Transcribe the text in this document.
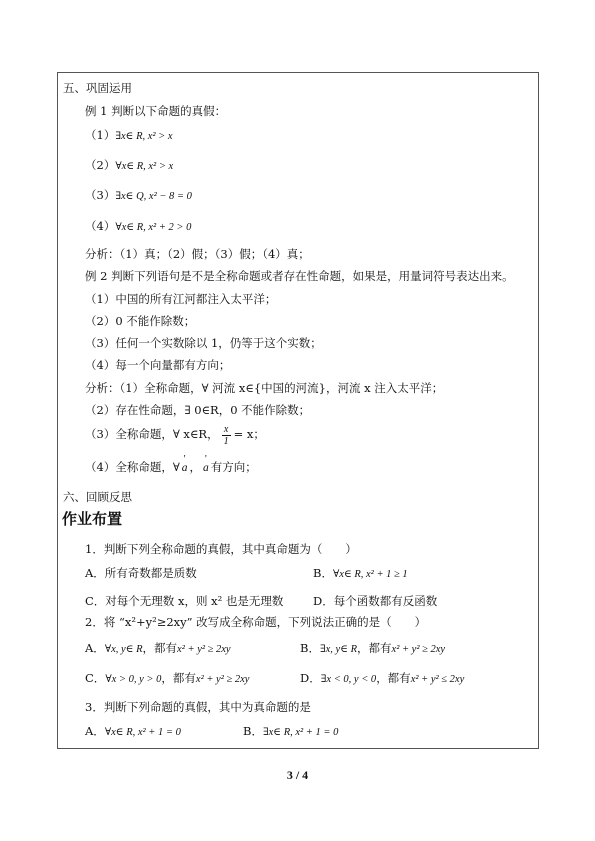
五、巩固运用
例 1 判断以下命题的真假：
（1）∃x∈ R, x² > x
（2）∀x∈ R, x² > x
（3）∃x∈ Q, x² − 8 = 0
（4）∀x∈ R, x² + 2 > 0
分析：（1）真；（2）假；（3）假；（4）真；
例 2 判断下列语句是不是全称命题或者存在性命题，如果是，用量词符号表达出来。
（1）中国的所有江河都注入太平洋；
（2）0 不能作除数；
（3）任何一个实数除以 1，仍等于这个实数；
（4）每一个向量都有方向；
分析：（1）全称命题，∀ 河流 x∈{中国的河流}，河流 x 注入太平洋；
（2）存在性命题，∃ 0∈R，0 不能作除数；
（3）全称命题，∀ x∈R， $\frac{x}{1} = x$；
（4）全称命题，∀ ' a ， ' a 有方向；
六、回顾反思
作业布置
1．判断下列全称命题的真假，其中真命题为（　　）
A．所有奇数都是质数	B．∀x∈ R, x² + 1 ≥ 1
C．对每个无理数 x，则 x² 也是无理数	D．每个函数都有反函数
2．将 “x²+y²≥2xy” 改写成全称命题，下列说法正确的是（　　）
A．∀x, y∈ R，都有x² + y² ≥ 2xy	B．∃x, y∈ R，都有x² + y² ≥ 2xy
C．∀x > 0, y > 0，都有x² + y² ≥ 2xy	D．∃x < 0, y < 0，都有x² + y² ≤ 2xy
3．判断下列命题的真假，其中为真命题的是
A．∀x∈ R, x² + 1 = 0	B．∃x∈ R, x² + 1 = 0
3 / 4
